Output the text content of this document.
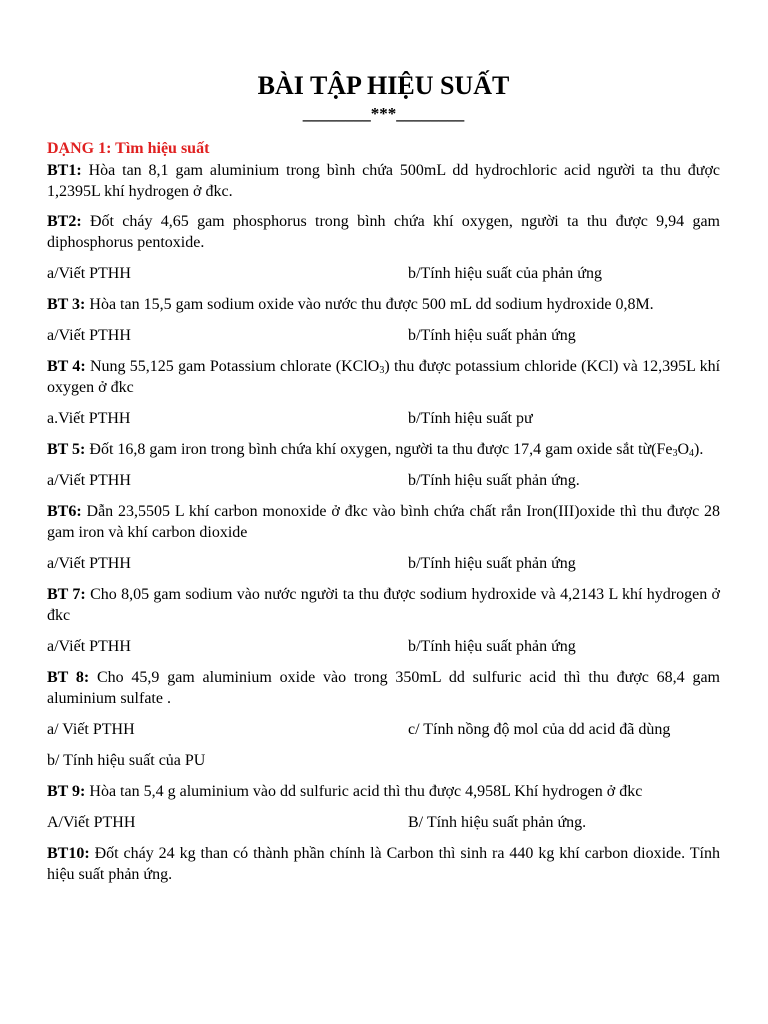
BÀI TẬP HIỆU SUẤT

________***________

DẠNG 1: Tìm hiệu suất

BT1: Hòa tan 8,1 gam aluminium trong bình chứa 500mL dd hydrochloric acid người ta thu được 1,2395L khí hydrogen ở đkc.

BT2: Đốt cháy 4,65 gam phosphorus trong bình chứa khí oxygen, người ta thu được 9,94 gam diphosphorus pentoxide.

a/Viết PTHH	b/Tính hiệu suất của phản ứng

BT 3: Hòa tan 15,5 gam sodium oxide vào nước thu được 500 mL dd sodium hydroxide 0,8M.

a/Viết PTHH	b/Tính hiệu suất phản ứng

BT 4: Nung 55,125 gam Potassium chlorate (KClO$_3$) thu được potassium chloride (KCl) và 12,395L khí oxygen ở đkc

a.Viết PTHH	b/Tính hiệu suất pư

BT 5: Đốt 16,8 gam iron trong bình chứa khí oxygen, người ta thu được 17,4 gam oxide sắt $từ(Fe_3O_4)$.

a/Viết PTHH	b/Tính hiệu suất phản ứng.

BT6: Dẫn 23,5505 L khí carbon monoxide ở đkc vào bình chứa chất rắn Iron(III)oxide thì thu được 28 gam iron và khí carbon dioxide

a/Viết PTHH	b/Tính hiệu suất phản ứng

BT 7: Cho 8,05 gam sodium vào nước người ta thu được sodium hydroxide và 4,2143 L khí hydrogen ở đkc

a/Viết PTHH	b/Tính hiệu suất phản ứng

BT 8: Cho 45,9 gam aluminium oxide vào trong 350mL dd sulfuric acid thì thu được 68,4 gam aluminium sulfate .

a/ Viết PTHH	c/ Tính nồng độ mol của dd acid đã dùng
b/ Tính hiệu suất của PU

BT 9: Hòa tan 5,4 g aluminium vào dd sulfuric acid thì thu được 4,958L Khí hydrogen ở đkc

A/Viết PTHH	B/ Tính hiệu suất phản ứng.

BT10: Đốt cháy 24 kg than có thành phần chính là Carbon thì sinh ra 440 kg khí carbon dioxide. Tính hiệu suất phản ứng.
